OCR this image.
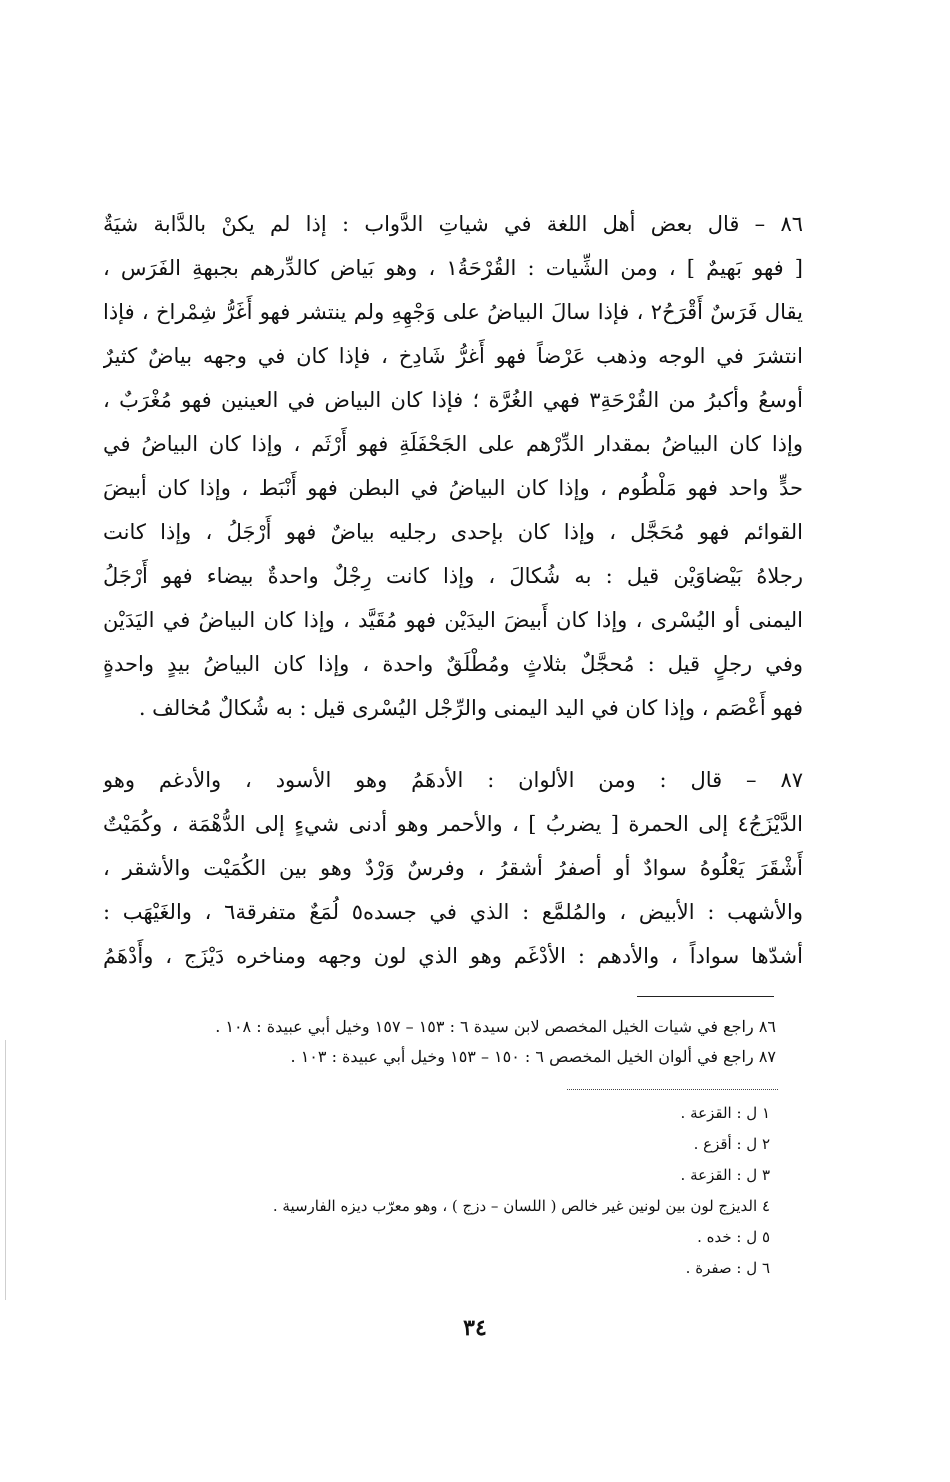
٨٦ – قال بعض أهل اللغة في شياتِ الدَّواب : إذا لم يكنْ بالدَّابة شيَةٌ
[ فهو بَهيمٌ ] ، ومن الشِّيات : القُرْحَةُ١ ، وهو بَياض كالدِّرهم بجبهةِ الفَرَس ،
يقال فَرَسٌ أَقْرَحُ٢ ، فإذا سالَ البياضُ على وَجْهِهِ ولم ينتشر فهو أَغَرُّ شِمْراخ ، فإذا
انتشرَ في الوجه وذهب عَرْضاً فهو أَغرُّ شَادِخ ، فإذا كان في وجهه بياضٌ كثيرٌ
أوسعُ وأكبرُ من القُرْحَةِ٣ فهي الغُرَّة ؛ فإذا كان البياض في العينين فهو مُغْرَبٌ ،
وإذا كان البياضُ بمقدار الدِّرْهم على الجَحْفَلَةِ فهو أَرْثَم ، وإذا كان البياضُ في
حدٍّ واحد فهو مَلْطُوم ، وإذا كان البياضُ في البطن فهو أَنْبَط ، وإذا كان أبيضَ
القوائم فهو مُحَجَّل ، وإذا كان بإحدى رجليه بياضٌ فهو أَرْجَلُ ، وإذا كانت
رجلاهُ بَيْضاوَيْن قيل : به شُكالَ ، وإذا كانت رِجْلٌ واحدةٌ بيضاء فهو أَرْجَلُ
اليمنى أو اليُسْرى ، وإذا كان أَبيضَ اليدَيْن فهو مُقَيَّد ، وإذا كان البياضُ في اليَدَيْن
وفي رجلٍ قيل : مُحجَّلٌ بثلاثٍ ومُطْلَقٌ واحدة ، وإذا كان البياضُ بيدٍ واحدةٍ
فهو أَعْصَم ، وإذا كان في اليد اليمنى والرِّجْل اليُسْرى قيل : به شُكالٌ مُخالف .
٨٧ – قال : ومن الألوان : الأدهَمُ وهو الأسود ، والأدغم وهو
الدَّيْزَجُ٤ إلى الحمرة [ يضربُ ] ، والأحمر وهو أدنى شيءٍ إلى الدُّهْمَة ، وكُمَيْتٌ
أَشْقَرَ يَعْلُوهُ سوادٌ أو أصفرُ أشقرُ ، وفرسٌ وَرْدٌ وهو بين الكُمَيْت والأشقر ،
والأشهب : الأبيض ، والمُلمَّع : الذي في جسده٥ لُمَعٌ متفرقة٦ ، والغَيْهَب :
أشدّها سواداً ، والأدهم : الأدْغَم وهو الذي لون وجهه ومناخره دَيْزَج ، وأَدْهَمُ
٨٦ راجع في شيات الخيل المخصص لابن سيدة ٦ : ١٥٣ – ١٥٧ وخيل أبي عبيدة : ١٠٨ .
٨٧ راجع في ألوان الخيل المخصص ٦ : ١٥٠ – ١٥٣ وخيل أبي عبيدة : ١٠٣ .
١ ل : القزعة .
٢ ل : أقزع .
٣ ل : القزعة .
٤ الديزج لون بين لونين غير خالص ( اللسان – دزج ) ، وهو معرّب ديزه الفارسية .
٥ ل : خده .
٦ ل : صفرة .
٣٤
